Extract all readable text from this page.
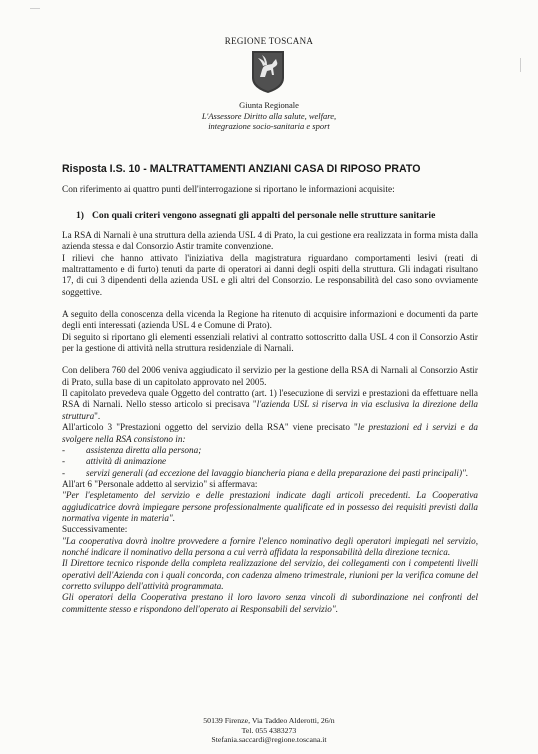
REGIONE TOSCANA
Giunta Regionale
L'Assessore Diritto alla salute, welfare,
integrazione socio-sanitaria e sport
Risposta I.S. 10 - MALTRATTAMENTI ANZIANI CASA DI RIPOSO PRATO
Con riferimento ai quattro punti dell'interrogazione si riportano le informazioni acquisite:
1) Con quali criteri vengono assegnati gli appalti del personale nelle strutture sanitarie

La RSA di Narnali è una struttura della azienda USL 4 di Prato, la cui gestione era realizzata in forma mista dalla azienda stessa e dal Consorzio Astir tramite convenzione.

I rilievi che hanno attivato l'iniziativa della magistratura riguardano comportamenti lesivi (reati di maltrattamento e di furto) tenuti da parte di operatori ai danni degli ospiti della struttura. Gli indagati risultano 17, di cui 3 dipendenti della azienda USL e gli altri del Consorzio. Le responsabilità del caso sono ovviamente soggettive.

A seguito della conoscenza della vicenda la Regione ha ritenuto di acquisire informazioni e documenti da parte degli enti interessati (azienda USL 4 e Comune di Prato).

Di seguito si riportano gli elementi essenziali relativi al contratto sottoscritto dalla USL 4 con il Consorzio Astir per la gestione di attività nella struttura residenziale di Narnali.

Con delibera 760 del 2006 veniva aggiudicato il servizio per la gestione della RSA di Narnali al Consorzio Astir di Prato, sulla base di un capitolato approvato nel 2005.

Il capitolato prevedeva quale Oggetto del contratto (art. 1) l'esecuzione di servizi e prestazioni da effettuare nella RSA di Narnali. Nello stesso articolo si precisava "l'azienda USL si riserva in via esclusiva la direzione della struttura".

All'articolo 3 "Prestazioni oggetto del servizio della RSA" viene precisato "le prestazioni ed i servizi e da svolgere nella RSA consistono in:

- assistenza diretta alla persona;
- attività di animazione
- servizi generali (ad eccezione del lavaggio biancheria piana e della preparazione dei pasti principali)".

All'art 6 "Personale addetto al servizio" si affermava:

"Per l'espletamento del servizio e delle prestazioni indicate dagli articoli precedenti. La Cooperativa aggiudicatrice dovrà impiegare persone professionalmente qualificate ed in possesso dei requisiti previsti dalla normativa vigente in materia".

Successivamente:

"La cooperativa dovrà inoltre provvedere a fornire l'elenco nominativo degli operatori impiegati nel servizio, nonché indicare il nominativo della persona a cui verrà affidata la responsabilità della direzione tecnica.

Il Direttore tecnico risponde della completa realizzazione del servizio, dei collegamenti con i competenti livelli operativi dell'Azienda con i quali concorda, con cadenza almeno trimestrale, riunioni per la verifica comune del corretto sviluppo dell'attività programmata.

Gli operatori della Cooperativa prestano il loro lavoro senza vincoli di subordinazione nei confronti del committente stesso e rispondono dell'operato ai Responsabili del servizio".

50139 Firenze, Via Taddeo Alderotti, 26/n
Tel. 055 4383273
Stefania.saccardi@regione.toscana.it
